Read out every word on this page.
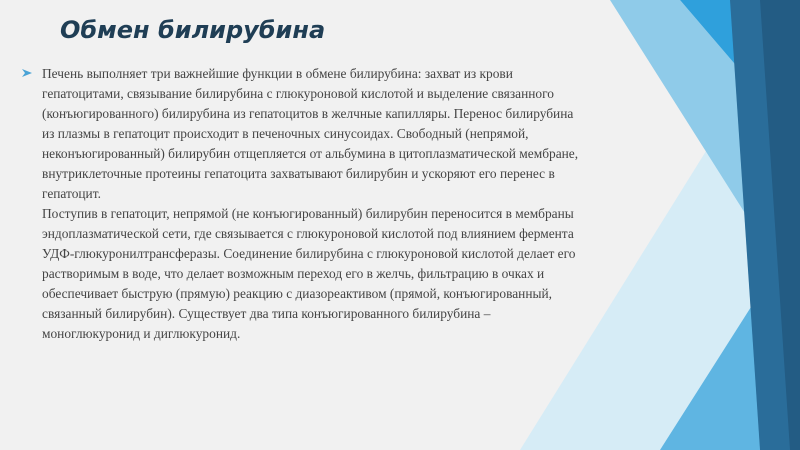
Обмен билирубина

Печень выполняет три важнейшие функции в обмене билирубина: захват из крови
гепатоцитами, связывание билирубина с глюкуроновой кислотой и выделение связанного
(конъюгированного) билирубина из гепатоцитов в желчные капилляры. Перенос билирубина
из плазмы в гепатоцит происходит в печеночных синусоидах. Свободный (непрямой,
неконъюгированный) билирубин отщепляется от альбумина в цитоплазматической мембране,
внутриклеточные протеины гепатоцита захватывают билирубин и ускоряют его перенес в
гепатоцит.
Поступив в гепатоцит, непрямой (не конъюгированный) билирубин переносится в мембраны
эндоплазматической сети, где связывается с глюкуроновой кислотой под влиянием фермента
УДФ-глюкуронилтрансферазы. Соединение билирубина с глюкуроновой кислотой делает его
растворимым в воде, что делает возможным переход его в желчь, фильтрацию в очках и
обеспечивает быструю (прямую) реакцию с диазореактивом (прямой, конъюгированный,
связанный билирубин). Существует два типа конъюгированного билирубина –
моноглюкуронид и диглюкуронид.
